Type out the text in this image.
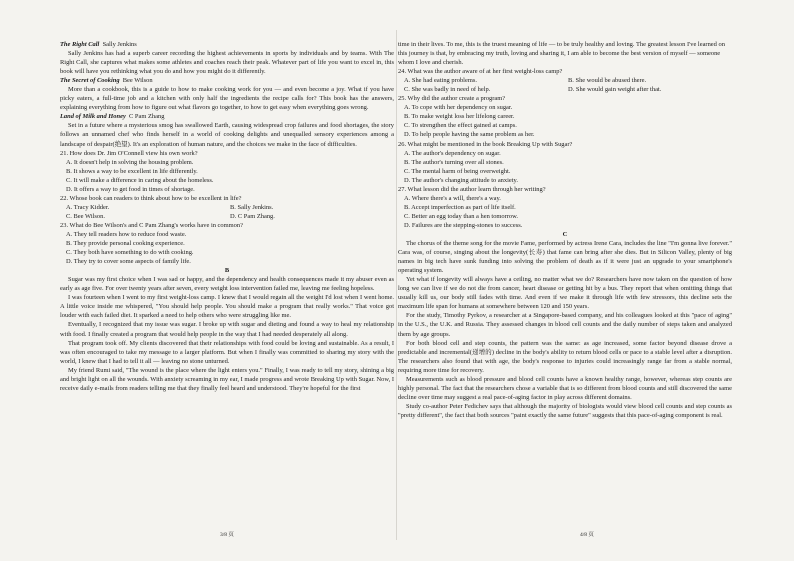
The Right Call Sally Jenkins

Sally Jenkins has had a superb career recording the highest achievements in sports by individuals and by teams. With The Right Call, she captures what makes some athletes and coaches reach their peak. Whatever part of life you want to excel in, this book will have you rethinking what you do and how you might do it differently.

The Secret of Cooking Bee Wilson

More than a cookbook, this is a guide to how to make cooking work for you — and even become a joy. What if you have picky eaters, a full-time job and a kitchen with only half the ingredients the recipe calls for? This book has the answers, explaining everything from how to figure out what flavors go together, to how to get easy when everything goes wrong.

Land of Milk and Honey C Pam Zhang

Set in a future where a mysterious smog has swallowed Earth, causing widespread crop failures and food shortages, the story follows an unnamed chef who finds herself in a world of cooking delights and unequalled sensory experiences among a landscape of despair(绝望). It's an exploration of human nature, and the choices we make in the face of difficulties.

21. How does Dr. Jim O'Connell view his own work?

A. It doesn't help in solving the housing problem.

B. It shows a way to be excellent in life differently.

C. It will make a difference in caring about the homeless.

D. It offers a way to get food in times of shortage.

22. Whose book can readers to think about how to be excellent in life?

A. Tracy Kidder.	B. Sally Jenkins.
C. Bee Wilson.	D. C Pam Zhang.

23. What do Bee Wilson's and C Pam Zhang's works have in common?

A. They tell readers how to reduce food waste.

B. They provide personal cooking experience.

C. They both have something to do with cooking.

D. They try to cover some aspects of family life.

B

Sugar was my first choice when I was sad or happy, and the dependency and health consequences made it my abuser even as early as age five. For over twenty years after seven, every weight loss intervention failed me, leaving me feeling hopeless.

I was fourteen when I went to my first weight-loss camp. I knew that I would regain all the weight I'd lost when I went home. A little voice inside me whispered, "You should help people. You should make a program that really works." That voice got louder with each failed diet. It sparked a need to help others who were struggling like me.

Eventually, I recognized that my issue was sugar. I broke up with sugar and dieting and found a way to heal my relationship with food. I finally created a program that would help people in the way that I had needed desperately all along.

That program took off. My clients discovered that their relationships with food could be loving and sustainable. As a result, I was often encouraged to take my message to a larger platform. But when I finally was committed to sharing my story with the world, I knew that I had to tell it all — leaving no stone unturned.

My friend Rumi said, "The wound is the place where the light enters you." Finally, I was ready to tell my story, shining a big and bright light on all the wounds. With anxiety screaming in my ear, I made progress and wrote Breaking Up with Sugar. Now, I receive daily e-mails from readers telling me that they finally feel heard and understood. They're hopeful for the first

time in their lives. To me, this is the truest meaning of life — to be truly healthy and loving. The greatest lesson I've learned on this journey is that, by embracing my truth, loving and sharing it, I am able to become the best version of myself — someone whom I love and cherish.

24. What was the author aware of at her first weight-loss camp?

A. She had eating problems.	B. She would be abused there.
C. She was badly in need of help.	D. She would gain weight after that.

25. Why did the author create a program?

A. To cope with her dependency on sugar.

B. To make weight loss her lifelong career.

C. To strengthen the effect gained at camps.

D. To help people having the same problem as her.

26. What might be mentioned in the book Breaking Up with Sugar?

A. The author's dependency on sugar.

B. The author's turning over all stones.

C. The mental harm of being overweight.

D. The author's changing attitude to anxiety.

27. What lesson did the author learn through her writing?

A. Where there's a will, there's a way.

B. Accept imperfection as part of life itself.

C. Better an egg today than a hen tomorrow.

D. Failures are the stepping-stones to success.

C

The chorus of the theme song for the movie Fame, performed by actress Irene Cara, includes the line "I'm gonna live forever." Cara was, of course, singing about the longevity(长寿) that fame can bring after she dies. But in Silicon Valley, plenty of big names in big tech have sunk funding into solving the problem of death as if it were just an upgrade to your smartphone's operating system.

Yet what if longevity will always have a ceiling, no matter what we do? Researchers have now taken on the question of how long we can live if we do not die from cancer, heart disease or getting hit by a bus. They report that when omitting things that usually kill us, our body still fades with time. And even if we make it through life with few stressors, this decline sets the maximum life span for humans at somewhere between 120 and 150 years.

For the study, Timothy Pyrkov, a researcher at a Singapore-based company, and his colleagues looked at this "pace of aging" in the U.S., the U.K. and Russia. They assessed changes in blood cell counts and the daily number of steps taken and analyzed them by age groups.

For both blood cell and step counts, the pattern was the same: as age increased, some factor beyond disease drove a predictable and incremental(递增的) decline in the body's ability to return blood cells or pace to a stable level after a disruption. The researchers also found that with age, the body's response to injuries could increasingly range far from a stable normal, requiring more time for recovery.

Measurements such as blood pressure and blood cell counts have a known healthy range, however, whereas step counts are highly personal. The fact that the researchers chose a variable that is so different from blood counts and still discovered the same decline over time may suggest a real pace-of-aging factor in play across different domains.

Study co-author Peter Fedichev says that although the majority of biologists would view blood cell counts and step counts as "pretty different", the fact that both sources "paint exactly the same future" suggests that this pace-of-aging component is real.

3/8 页	4/8 页
